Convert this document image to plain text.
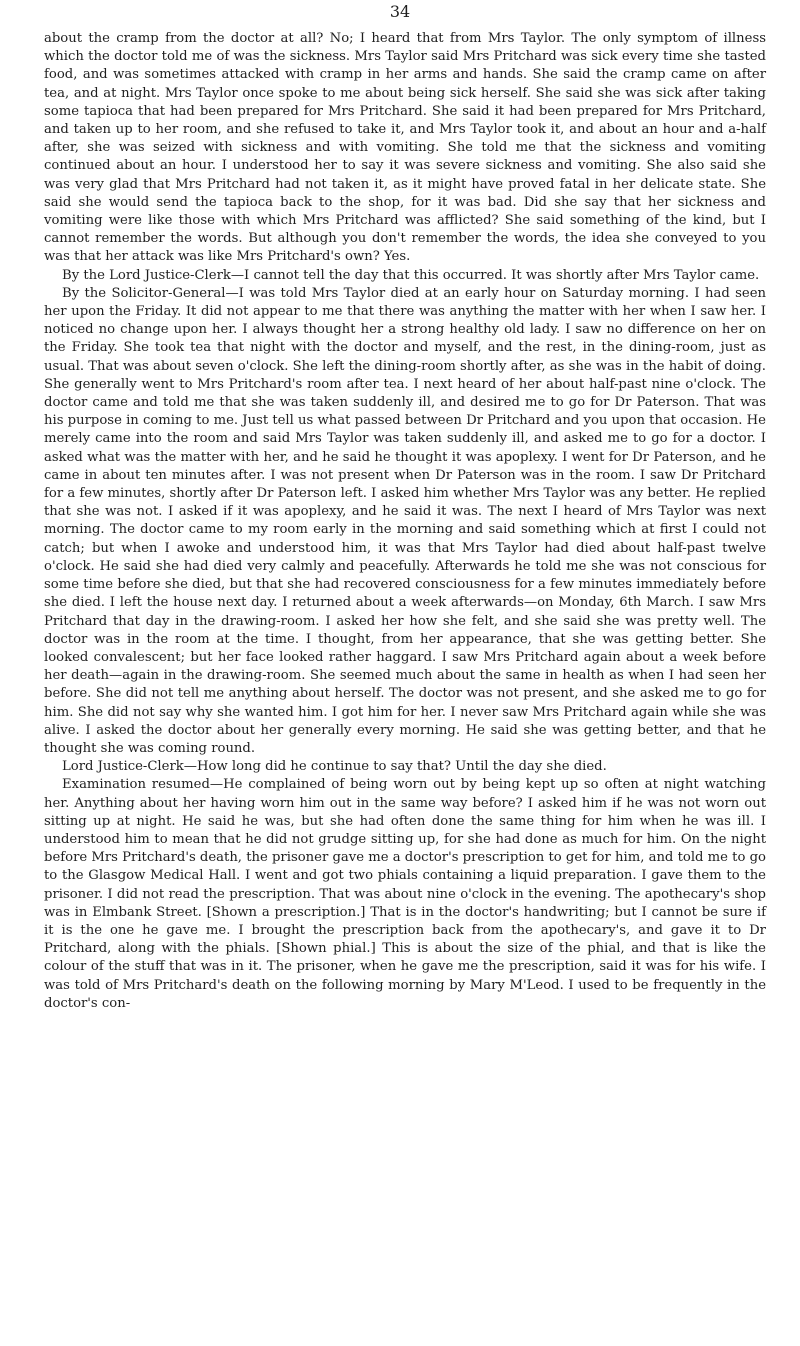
34

about the cramp from the doctor at all? No; I heard that from Mrs Taylor. The only symptom of illness which the doctor told me of was the sickness. Mrs Taylor said Mrs Pritchard was sick every time she tasted food, and was sometimes attacked with cramp in her arms and hands. She said the cramp came on after tea, and at night. Mrs Taylor once spoke to me about being sick herself. She said she was sick after taking some tapioca that had been prepared for Mrs Pritchard. She said it had been prepared for Mrs Pritchard, and taken up to her room, and she refused to take it, and Mrs Taylor took it, and about an hour and a-half after, she was seized with sickness and with vomiting. She told me that the sickness and vomiting continued about an hour. I understood her to say it was severe sickness and vomiting. She also said she was very glad that Mrs Pritchard had not taken it, as it might have proved fatal in her delicate state. She said she would send the tapioca back to the shop, for it was bad. Did she say that her sickness and vomiting were like those with which Mrs Pritchard was afflicted? She said something of the kind, but I cannot remember the words. But although you don't remember the words, the idea she conveyed to you was that her attack was like Mrs Pritchard's own? Yes.

By the Lord Justice-Clerk—I cannot tell the day that this occurred. It was shortly after Mrs Taylor came.

By the Solicitor-General—I was told Mrs Taylor died at an early hour on Saturday morning. I had seen her upon the Friday. It did not appear to me that there was anything the matter with her when I saw her. I noticed no change upon her. I always thought her a strong healthy old lady. I saw no difference on her on the Friday. She took tea that night with the doctor and myself, and the rest, in the dining-room, just as usual. That was about seven o'clock. She left the dining-room shortly after, as she was in the habit of doing. She generally went to Mrs Pritchard's room after tea. I next heard of her about half-past nine o'clock. The doctor came and told me that she was taken suddenly ill, and desired me to go for Dr Paterson. That was his purpose in coming to me. Just tell us what passed between Dr Pritchard and you upon that occasion. He merely came into the room and said Mrs Taylor was taken suddenly ill, and asked me to go for a doctor. I asked what was the matter with her, and he said he thought it was apoplexy. I went for Dr Paterson, and he came in about ten minutes after. I was not present when Dr Paterson was in the room. I saw Dr Pritchard for a few minutes, shortly after Dr Paterson left. I asked him whether Mrs Taylor was any better. He replied that she was not. I asked if it was apoplexy, and he said it was. The next I heard of Mrs Taylor was next morning. The doctor came to my room early in the morning and said something which at first I could not catch; but when I awoke and understood him, it was that Mrs Taylor had died about half-past twelve o'clock. He said she had died very calmly and peacefully. Afterwards he told me she was not conscious for some time before she died, but that she had recovered consciousness for a few minutes immediately before she died. I left the house next day. I returned about a week afterwards—on Monday, 6th March. I saw Mrs Pritchard that day in the drawing-room. I asked her how she felt, and she said she was pretty well. The doctor was in the room at the time. I thought, from her appearance, that she was getting better. She looked convalescent; but her face looked rather haggard. I saw Mrs Pritchard again about a week before her death—again in the drawing-room. She seemed much about the same in health as when I had seen her before. She did not tell me anything about herself. The doctor was not present, and she asked me to go for him. She did not say why she wanted him. I got him for her. I never saw Mrs Pritchard again while she was alive. I asked the doctor about her generally every morning. He said she was getting better, and that he thought she was coming round.

Lord Justice-Clerk—How long did he continue to say that? Until the day she died.

Examination resumed—He complained of being worn out by being kept up so often at night watching her. Anything about her having worn him out in the same way before? I asked him if he was not worn out sitting up at night. He said he was, but she had often done the same thing for him when he was ill. I understood him to mean that he did not grudge sitting up, for she had done as much for him. On the night before Mrs Pritchard's death, the prisoner gave me a doctor's prescription to get for him, and told me to go to the Glasgow Medical Hall. I went and got two phials containing a liquid preparation. I gave them to the prisoner. I did not read the prescription. That was about nine o'clock in the evening. The apothecary's shop was in Elmbank Street. [Shown a prescription.] That is in the doctor's handwriting; but I cannot be sure if it is the one he gave me. I brought the prescription back from the apothecary's, and gave it to Dr Pritchard, along with the phials. [Shown phial.] This is about the size of the phial, and that is like the colour of the stuff that was in it. The prisoner, when he gave me the prescription, said it was for his wife. I was told of Mrs Pritchard's death on the following morning by Mary M'Leod. I used to be frequently in the doctor's con-
